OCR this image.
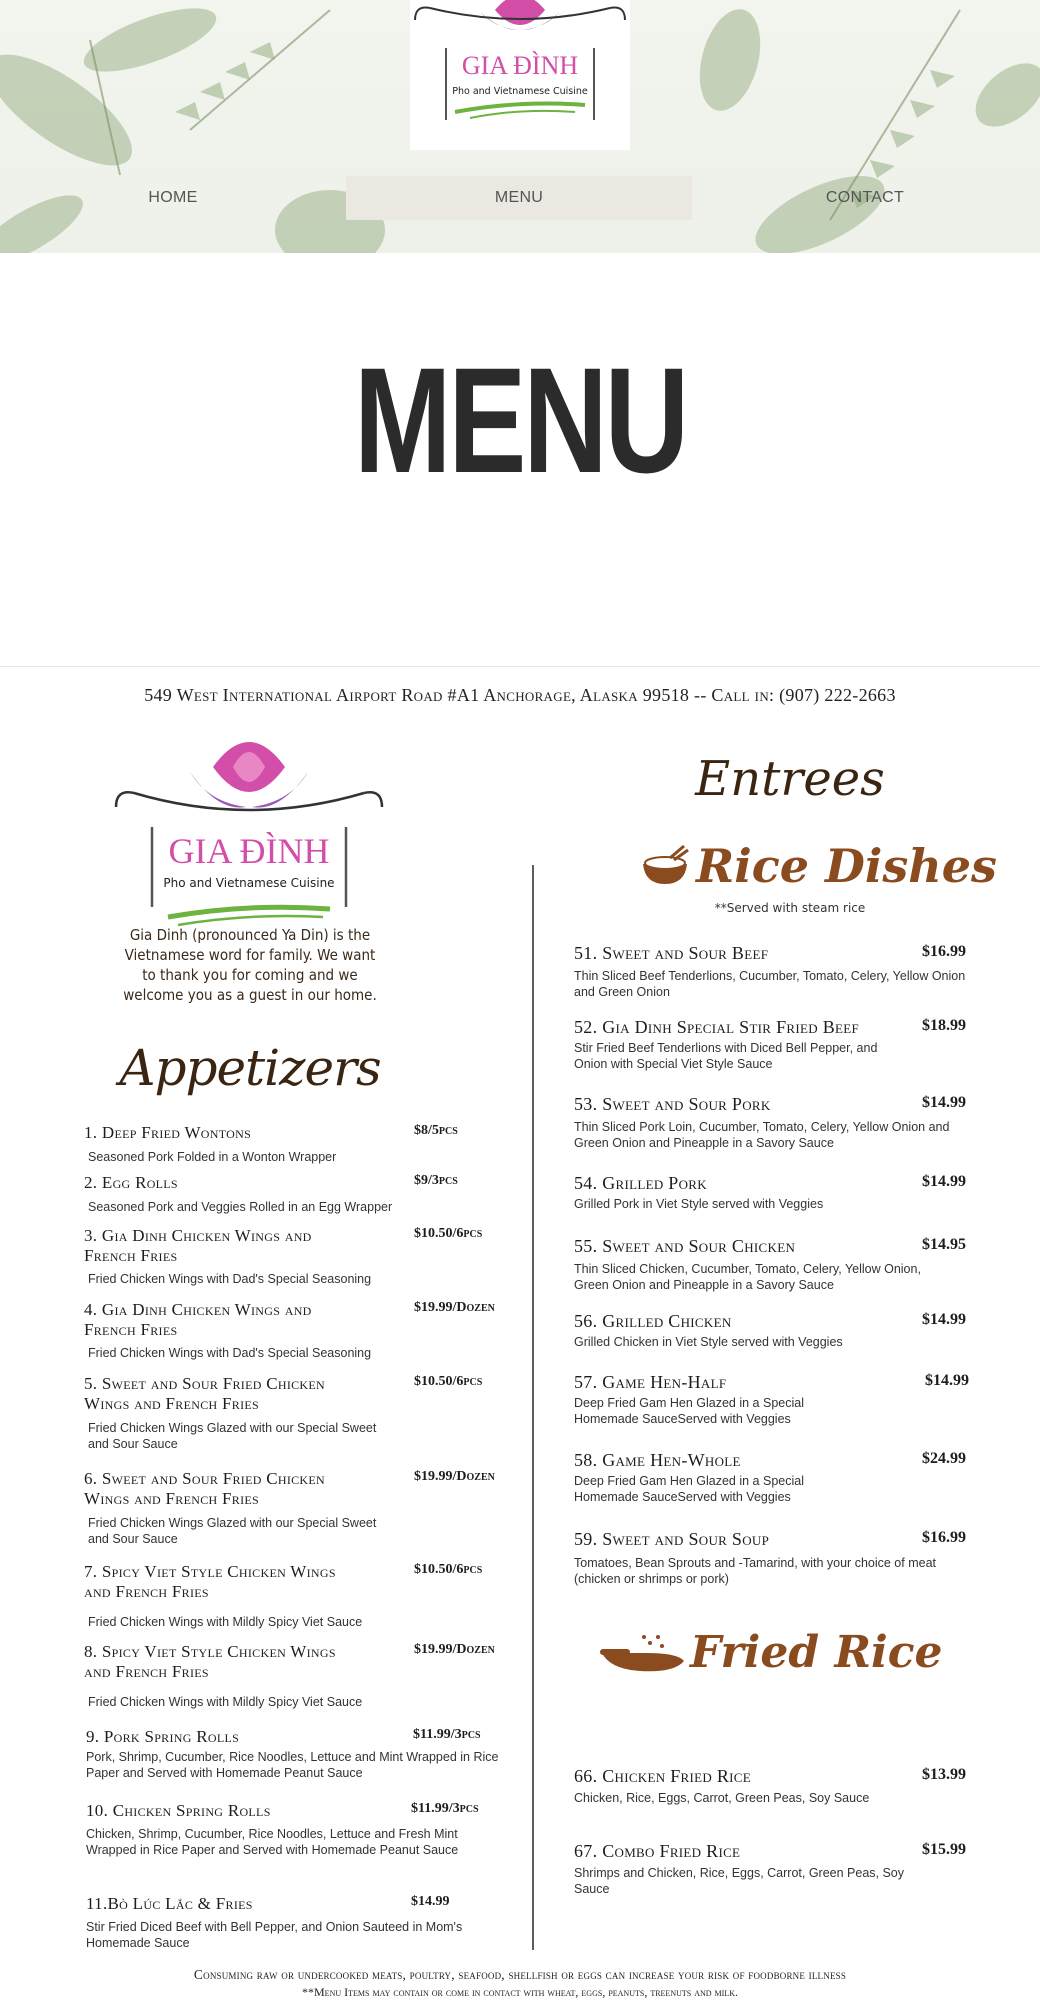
GIA ĐÌNH
Pho and Vietnamese Cuisine
HOME	MENU	CONTACT
MENU
549 West International Airport Road #A1 Anchorage, Alaska 99518 -- Call in: (907) 222-2663
GIA ĐÌNH
Pho and Vietnamese Cuisine
Gia Dinh (pronounced Ya Din) is the Vietnamese word for family. We want to thank you for coming and we welcome you as a guest in our home.
Appetizers
Entrees
Rice Dishes
**Served with steam rice
Fried Rice
1. Deep Fried Wontons	$8/5pcs
Seasoned Pork Folded in a Wonton Wrapper
2. Egg Rolls	$9/3pcs
Seasoned Pork and Veggies Rolled in an Egg Wrapper
3. Gia Dinh Chicken Wings and French Fries
$10.50/6pcs
Fried Chicken Wings with Dad's Special Seasoning
4. Gia Dinh Chicken Wings and French Fries
$19.99/Dozen
Fried Chicken Wings with Dad's Special Seasoning
5. Sweet and Sour Fried Chicken Wings and French Fries
$10.50/6pcs
Fried Chicken Wings Glazed with our Special Sweet and Sour Sauce
6. Sweet and Sour Fried Chicken Wings and French Fries
$19.99/Dozen
Fried Chicken Wings Glazed with our Special Sweet and Sour Sauce
7. Spicy Viet Style Chicken Wings and French Fries
$10.50/6pcs
Fried Chicken Wings with Mildly Spicy Viet Sauce
8. Spicy Viet Style Chicken Wings and French Fries
$19.99/Dozen
Fried Chicken Wings with Mildly Spicy Viet Sauce
9. Pork Spring Rolls	$11.99/3pcs
Pork, Shrimp, Cucumber, Rice Noodles, Lettuce and Mint Wrapped in Rice Paper and Served with Homemade Peanut Sauce
10. Chicken Spring Rolls	$11.99/3pcs
Chicken, Shrimp, Cucumber, Rice Noodles, Lettuce and Fresh Mint Wrapped in Rice Paper and Served with Homemade Peanut Sauce
11.Bò Lúc Lắc & Fries	$14.99
Stir Fried Diced Beef with Bell Pepper, and Onion Sauteed in Mom's Homemade Sauce
51. Sweet and Sour Beef	$16.99
Thin Sliced Beef Tenderlions, Cucumber, Tomato, Celery, Yellow Onion and Green Onion
52. Gia Dinh Special Stir Fried Beef	$18.99
Stir Fried Beef Tenderlions with Diced Bell Pepper, and Onion with Special Viet Style Sauce
53. Sweet and Sour Pork	$14.99
Thin Sliced Pork Loin, Cucumber, Tomato, Celery, Yellow Onion and Green Onion and Pineapple in a Savory Sauce
54. Grilled Pork	$14.99
Grilled Pork in Viet Style served with Veggies
55. Sweet and Sour Chicken	$14.95
Thin Sliced Chicken, Cucumber, Tomato, Celery, Yellow Onion, Green Onion and Pineapple in a Savory Sauce
56. Grilled Chicken	$14.99
Grilled Chicken in Viet Style served with Veggies
57. Game Hen-Half	$14.99
Deep Fried Gam Hen Glazed in a Special Homemade SauceServed with Veggies
58. Game Hen-Whole	$24.99
Deep Fried Gam Hen Glazed in a Special Homemade SauceServed with Veggies
59. Sweet and Sour Soup	$16.99
Tomatoes, Bean Sprouts and -Tamarind, with your choice of meat (chicken or shrimps or pork)
66. Chicken Fried Rice	$13.99
Chicken, Rice, Eggs, Carrot, Green Peas, Soy Sauce
67. Combo Fried Rice	$15.99
Shrimps and Chicken, Rice, Eggs, Carrot, Green Peas, Soy Sauce
Consuming raw or undercooked meats, poultry, seafood, shellfish or eggs can increase your risk of foodborne illness
**Menu Items may contain or come in contact with wheat, eggs, peanuts, treenuts and milk.
